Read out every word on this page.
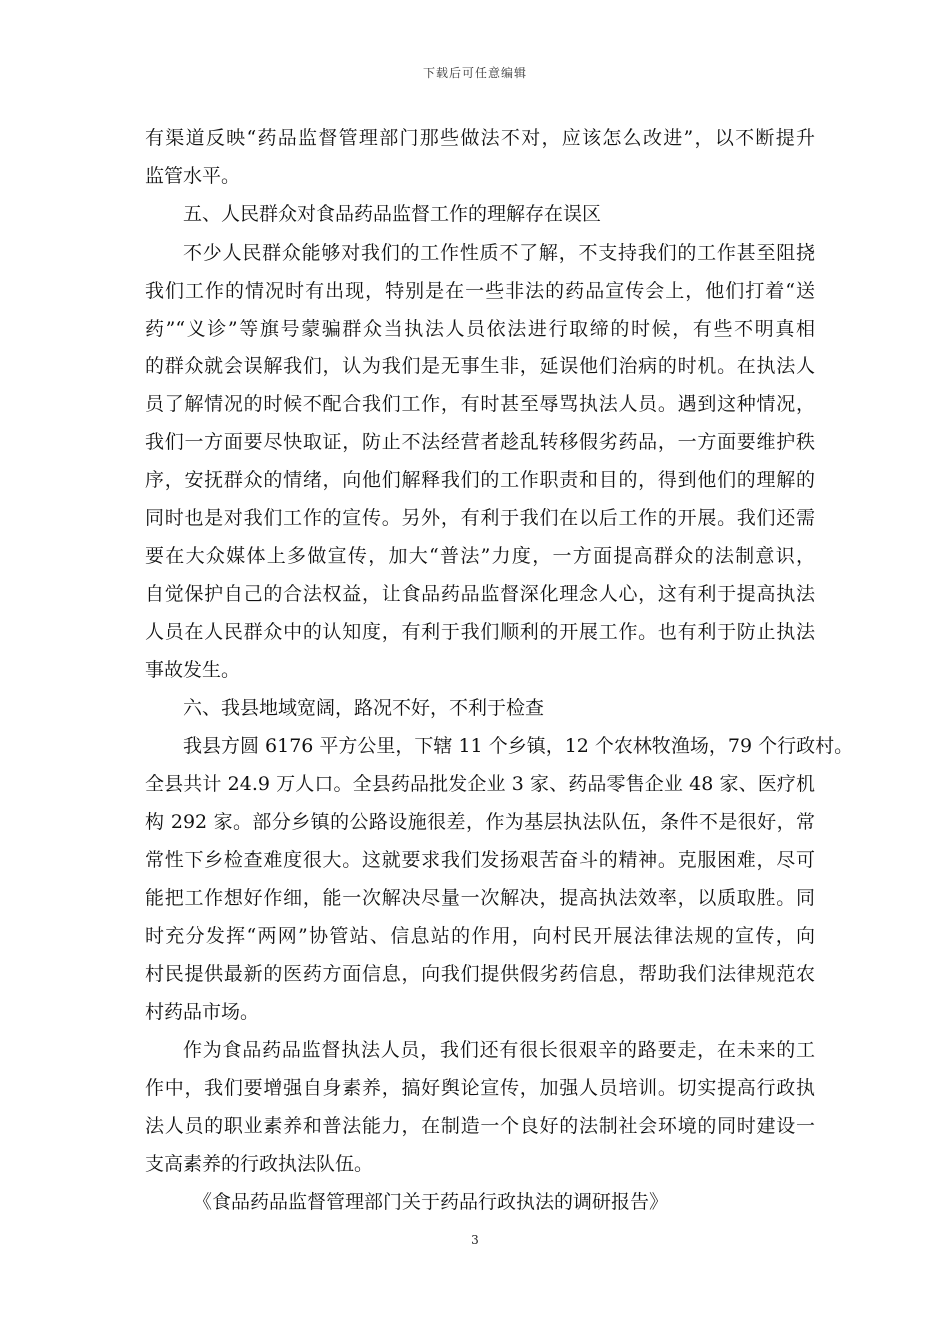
下载后可任意编辑
有渠道反映“药品监督管理部门那些做法不对，应该怎么改进”，以不断提升
监管水平。
五、人民群众对食品药品监督工作的理解存在误区
不少人民群众能够对我们的工作性质不了解，不支持我们的工作甚至阻挠
我们工作的情况时有出现，特别是在一些非法的药品宣传会上，他们打着“送
药”“义诊”等旗号蒙骗群众当执法人员依法进行取缔的时候，有些不明真相
的群众就会误解我们，认为我们是无事生非，延误他们治病的时机。在执法人
员了解情况的时候不配合我们工作，有时甚至辱骂执法人员。遇到这种情况，
我们一方面要尽快取证，防止不法经营者趁乱转移假劣药品，一方面要维护秩
序，安抚群众的情绪，向他们解释我们的工作职责和目的，得到他们的理解的
同时也是对我们工作的宣传。另外，有利于我们在以后工作的开展。我们还需
要在大众媒体上多做宣传，加大“普法”力度，一方面提高群众的法制意识，
自觉保护自己的合法权益，让食品药品监督深化理念人心，这有利于提高执法
人员在人民群众中的认知度，有利于我们顺利的开展工作。也有利于防止执法
事故发生。
六、我县地域宽阔，路况不好，不利于检查
我县方圆 6176 平方公里，下辖 11 个乡镇，12 个农林牧渔场，79 个行政村。
全县共计 24.9 万人口。全县药品批发企业 3 家、药品零售企业 48 家、医疗机
构 292 家。部分乡镇的公路设施很差，作为基层执法队伍，条件不是很好，常
常性下乡检查难度很大。这就要求我们发扬艰苦奋斗的精神。克服困难，尽可
能把工作想好作细，能一次解决尽量一次解决，提高执法效率，以质取胜。同
时充分发挥“两网”协管站、信息站的作用，向村民开展法律法规的宣传，向
村民提供最新的医药方面信息，向我们提供假劣药信息，帮助我们法律规范农
村药品市场。
作为食品药品监督执法人员，我们还有很长很艰辛的路要走，在未来的工
作中，我们要增强自身素养，搞好舆论宣传，加强人员培训。切实提高行政执
法人员的职业素养和普法能力，在制造一个良好的法制社会环境的同时建设一
支高素养的行政执法队伍。
《食品药品监督管理部门关于药品行政执法的调研报告》
3
